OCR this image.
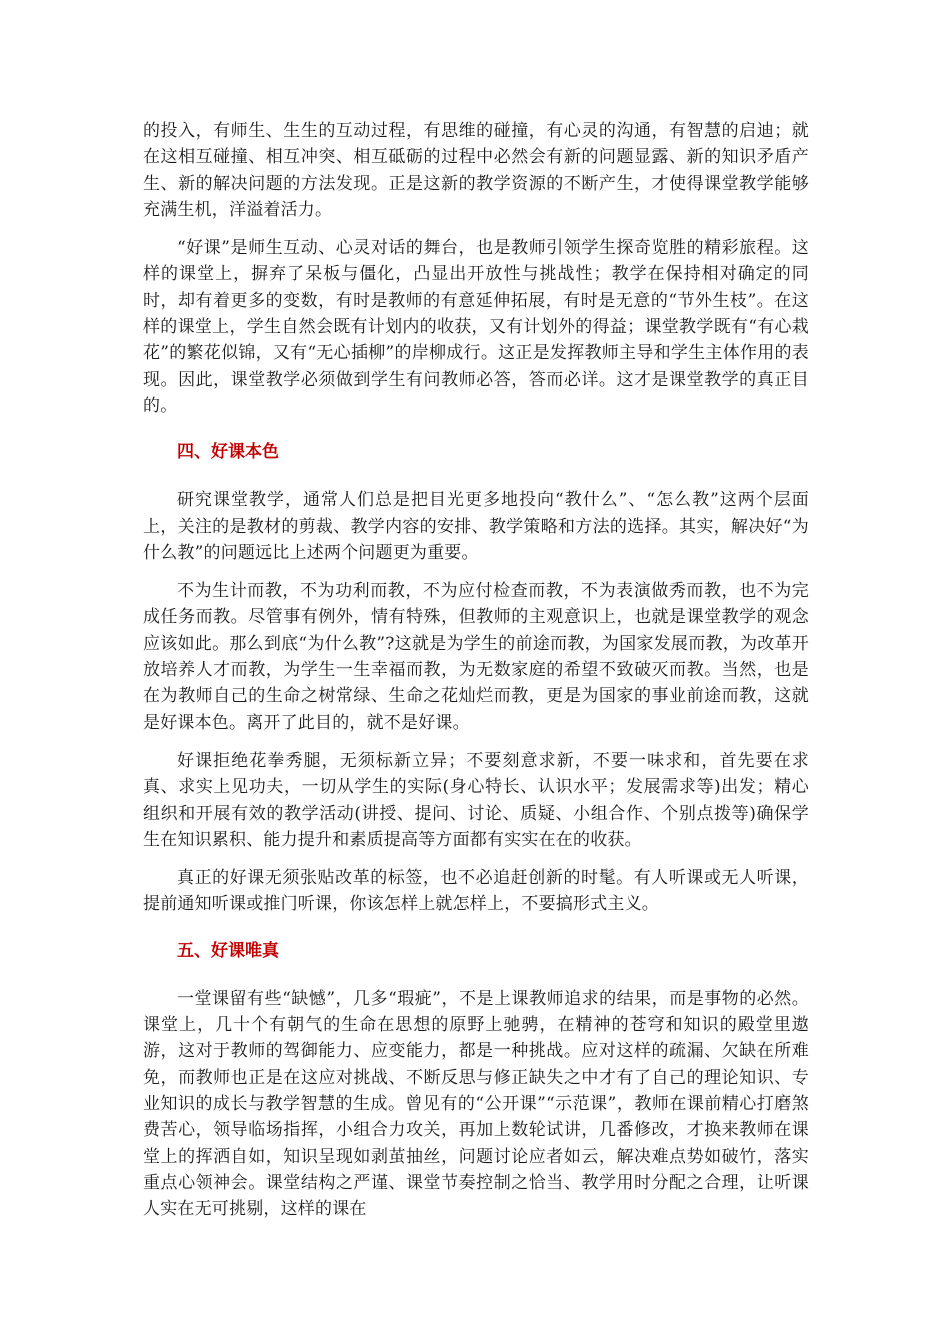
的投入，有师生、生生的互动过程，有思维的碰撞，有心灵的沟通，有智慧的启迪；就在这相互碰撞、相互冲突、相互砥砺的过程中必然会有新的问题显露、新的知识矛盾产生、新的解决问题的方法发现。正是这新的教学资源的不断产生，才使得课堂教学能够充满生机，洋溢着活力。

“好课”是师生互动、心灵对话的舞台，也是教师引领学生探奇览胜的精彩旅程。这样的课堂上，摒弃了呆板与僵化，凸显出开放性与挑战性；教学在保持相对确定的同时，却有着更多的变数，有时是教师的有意延伸拓展，有时是无意的“节外生枝”。在这样的课堂上，学生自然会既有计划内的收获，又有计划外的得益；课堂教学既有“有心栽花”的繁花似锦，又有“无心插柳”的岸柳成行。这正是发挥教师主导和学生主体作用的表现。因此，课堂教学必须做到学生有问教师必答，答而必详。这才是课堂教学的真正目的。

四、好课本色

研究课堂教学，通常人们总是把目光更多地投向“教什么”、“怎么教”这两个层面上，关注的是教材的剪裁、教学内容的安排、教学策略和方法的选择。其实，解决好“为什么教”的问题远比上述两个问题更为重要。

不为生计而教，不为功利而教，不为应付检查而教，不为表演做秀而教，也不为完成任务而教。尽管事有例外，情有特殊，但教师的主观意识上，也就是课堂教学的观念应该如此。那么到底“为什么教”?这就是为学生的前途而教，为国家发展而教，为改革开放培养人才而教，为学生一生幸福而教，为无数家庭的希望不致破灭而教。当然，也是在为教师自己的生命之树常绿、生命之花灿烂而教，更是为国家的事业前途而教，这就是好课本色。离开了此目的，就不是好课。

好课拒绝花拳秀腿，无须标新立异；不要刻意求新，不要一味求和，首先要在求真、求实上见功夫，一切从学生的实际(身心特长、认识水平；发展需求等)出发；精心组织和开展有效的教学活动(讲授、提问、讨论、质疑、小组合作、个别点拨等)确保学生在知识累积、能力提升和素质提高等方面都有实实在在的收获。

真正的好课无须张贴改革的标签，也不必追赶创新的时髦。有人听课或无人听课，提前通知听课或推门听课，你该怎样上就怎样上，不要搞形式主义。

五、好课唯真

一堂课留有些“缺憾”，几多“瑕疵”，不是上课教师追求的结果，而是事物的必然。课堂上，几十个有朝气的生命在思想的原野上驰骋，在精神的苍穹和知识的殿堂里遨游，这对于教师的驾御能力、应变能力，都是一种挑战。应对这样的疏漏、欠缺在所难免，而教师也正是在这应对挑战、不断反思与修正缺失之中才有了自己的理论知识、专业知识的成长与教学智慧的生成。曾见有的“公开课”“示范课”，教师在课前精心打磨煞费苦心，领导临场指挥，小组合力攻关，再加上数轮试讲，几番修改，才换来教师在课堂上的挥洒自如，知识呈现如剥茧抽丝，问题讨论应者如云，解决难点势如破竹，落实重点心领神会。课堂结构之严谨、课堂节奏控制之恰当、教学用时分配之合理，让听课人实在无可挑剔，这样的课在
